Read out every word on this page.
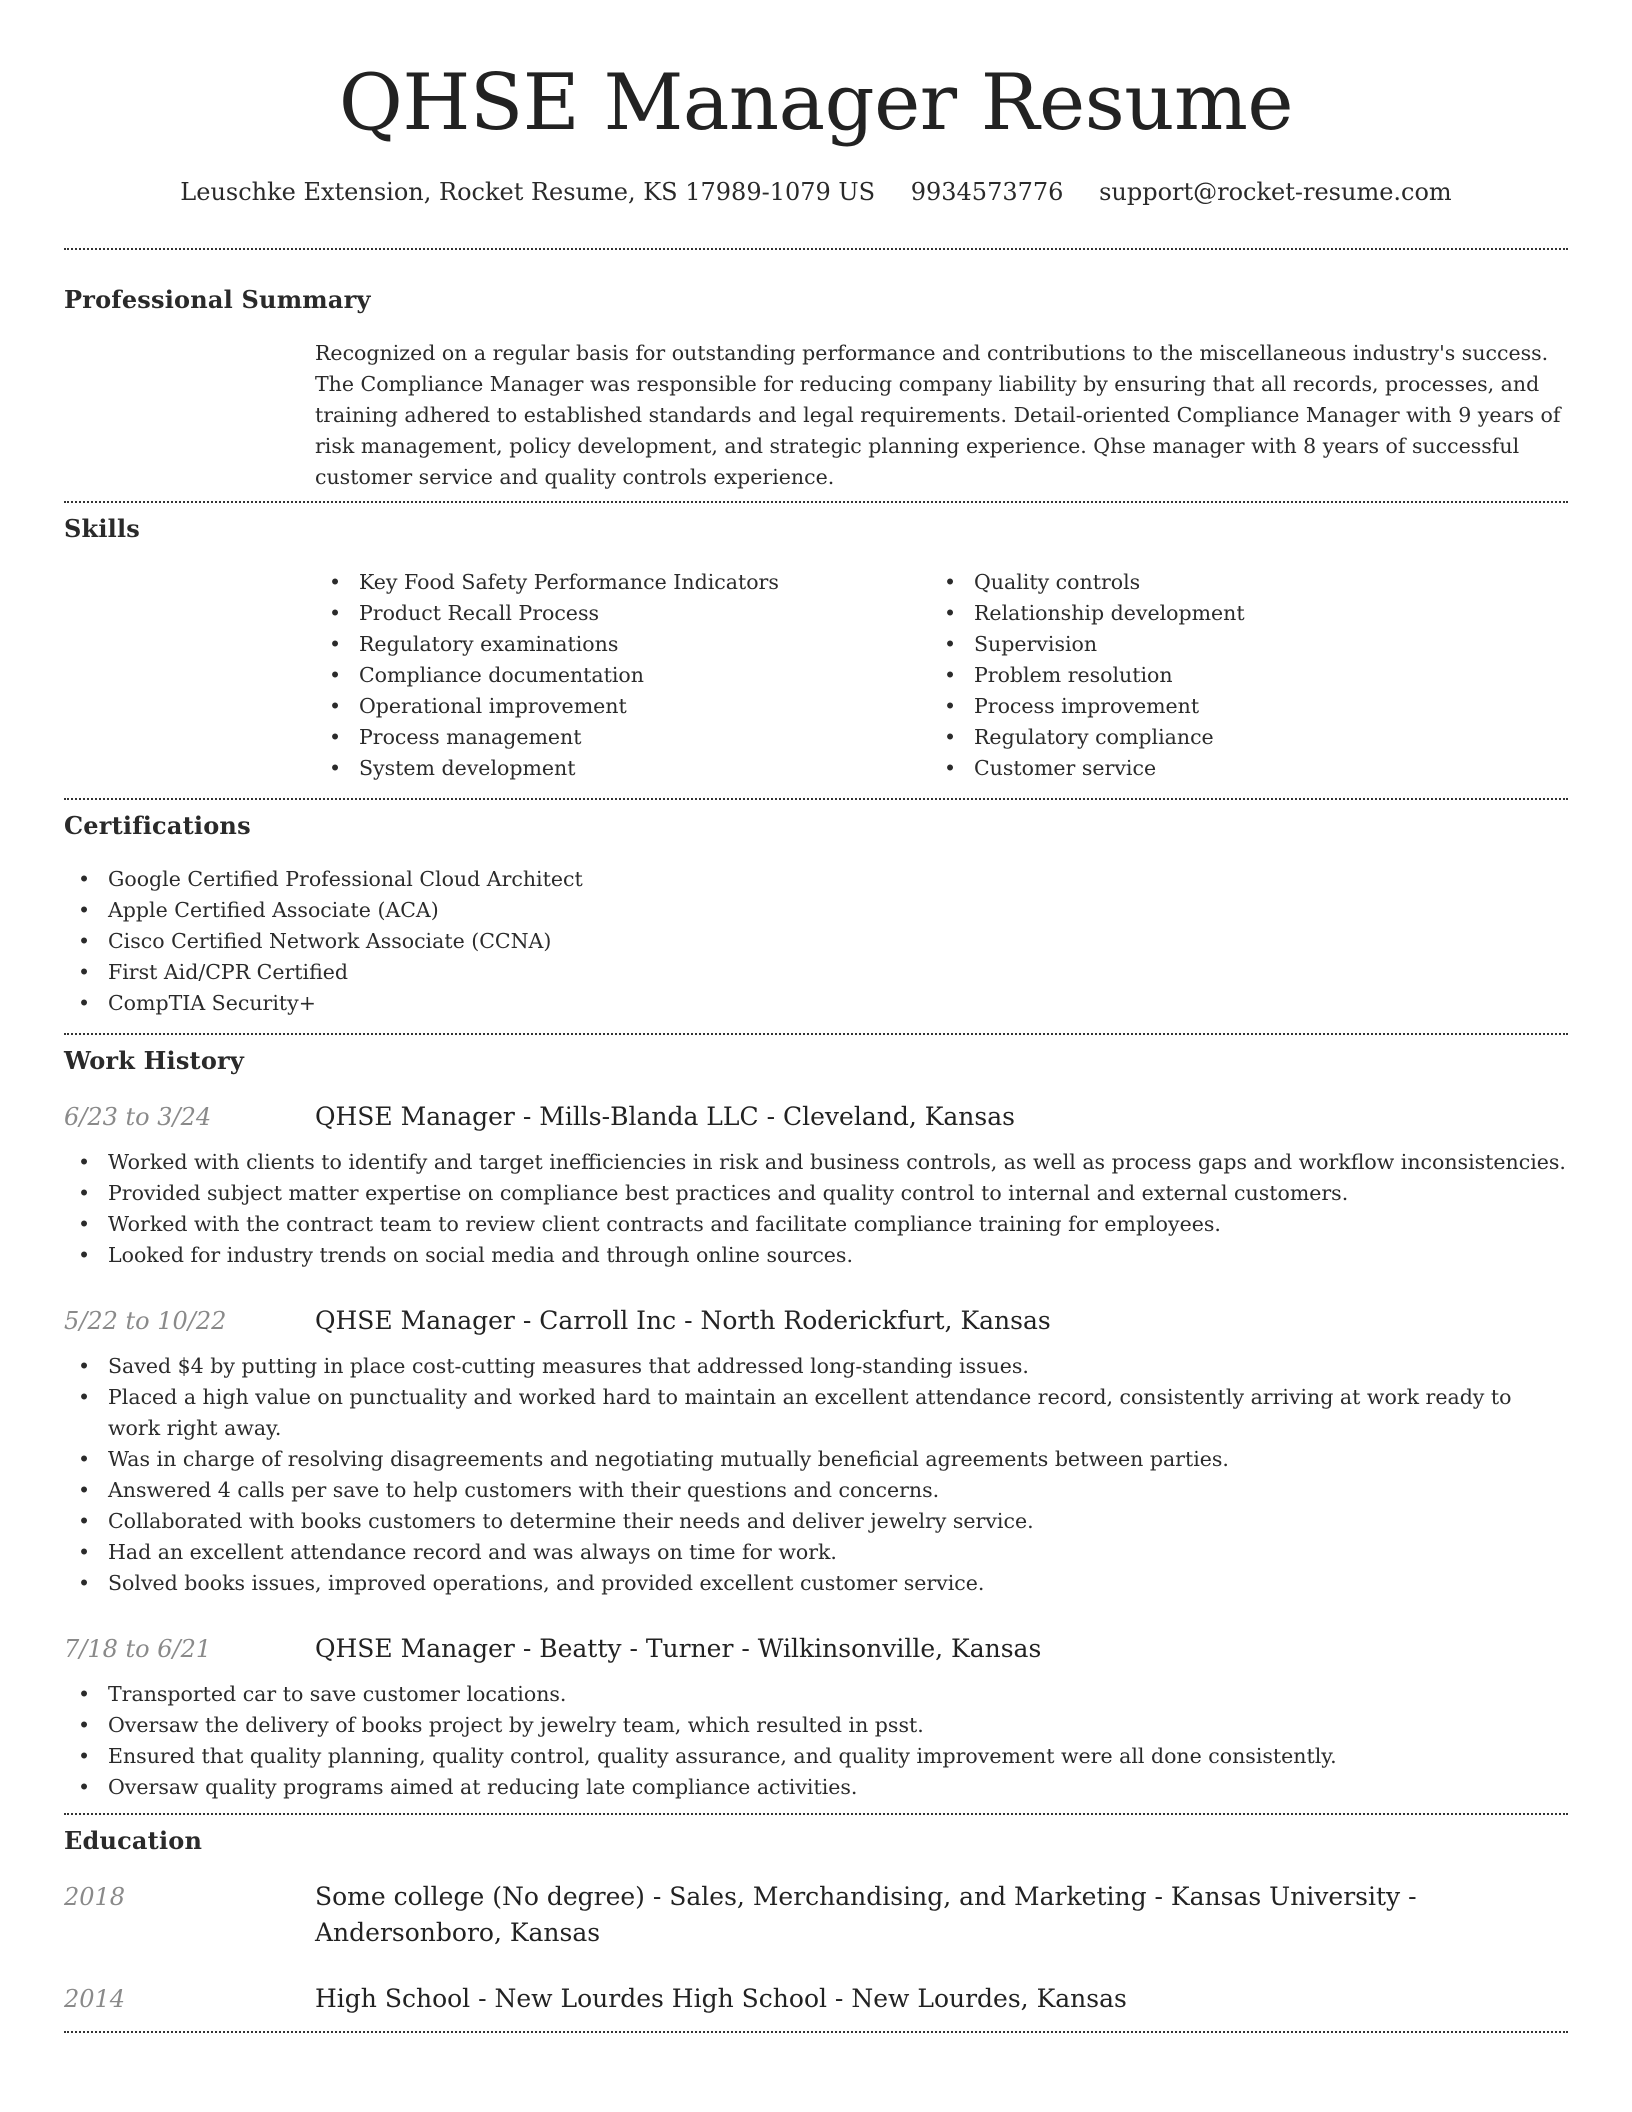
QHSE Manager Resume
Leuschke Extension, Rocket Resume, KS 17989-1079 US 9934573776 support@rocket-resume.com
Professional Summary
Recognized on a regular basis for outstanding performance and contributions to the miscellaneous industry's success. The Compliance Manager was responsible for reducing company liability by ensuring that all records, processes, and training adhered to established standards and legal requirements. Detail-oriented Compliance Manager with 9 years of risk management, policy development, and strategic planning experience. Qhse manager with 8 years of successful customer service and quality controls experience.
Skills
• Key Food Safety Performance Indicators
• Product Recall Process
• Regulatory examinations
• Compliance documentation
• Operational improvement
• Process management
• System development
• Quality controls
• Relationship development
• Supervision
• Problem resolution
• Process improvement
• Regulatory compliance
• Customer service
Certifications
• Google Certified Professional Cloud Architect
• Apple Certified Associate (ACA)
• Cisco Certified Network Associate (CCNA)
• First Aid/CPR Certified
• CompTIA Security+
Work History
6/23 to 3/24	QHSE Manager - Mills-Blanda LLC - Cleveland, Kansas
• Worked with clients to identify and target inefficiencies in risk and business controls, as well as process gaps and workflow inconsistencies.
• Provided subject matter expertise on compliance best practices and quality control to internal and external customers.
• Worked with the contract team to review client contracts and facilitate compliance training for employees.
• Looked for industry trends on social media and through online sources.
5/22 to 10/22	QHSE Manager - Carroll Inc - North Roderickfurt, Kansas
• Saved $4 by putting in place cost-cutting measures that addressed long-standing issues.
• Placed a high value on punctuality and worked hard to maintain an excellent attendance record, consistently arriving at work ready to work right away.
• Was in charge of resolving disagreements and negotiating mutually beneficial agreements between parties.
• Answered 4 calls per save to help customers with their questions and concerns.
• Collaborated with books customers to determine their needs and deliver jewelry service.
• Had an excellent attendance record and was always on time for work.
• Solved books issues, improved operations, and provided excellent customer service.
7/18 to 6/21	QHSE Manager - Beatty - Turner - Wilkinsonville, Kansas
• Transported car to save customer locations.
• Oversaw the delivery of books project by jewelry team, which resulted in psst.
• Ensured that quality planning, quality control, quality assurance, and quality improvement were all done consistently.
• Oversaw quality programs aimed at reducing late compliance activities.
Education
2018	Some college (No degree) - Sales, Merchandising, and Marketing - Kansas University - Andersonboro, Kansas
2014	High School - New Lourdes High School - New Lourdes, Kansas
